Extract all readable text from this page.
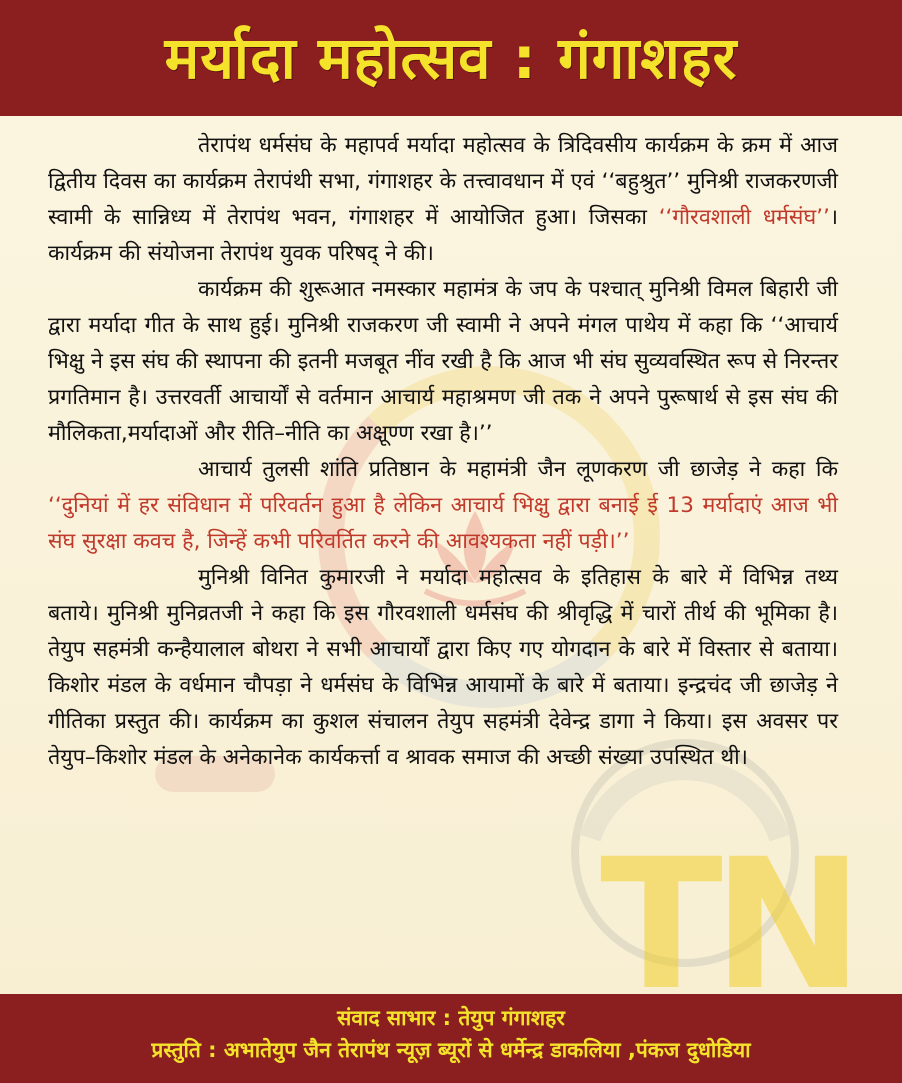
मर्यादा महोत्सव : गंगाशहर
TN

तेरापंथ धर्मसंघ के महापर्व मर्यादा महोत्सव के त्रिदिवसीय कार्यक्रम के क्रम में आज द्वितीय दिवस का कार्यक्रम तेरापंथी सभा, गंगाशहर के तत्त्वावधान में एवं ‘‘बहुश्रुत’’ मुनिश्री राजकरणजी स्वामी के सान्निध्य में तेरापंथ भवन, गंगाशहर में आयोजित हुआ। जिसका ‘‘गौरवशाली धर्मसंघ’’। कार्यक्रम की संयोजना तेरापंथ युवक परिषद् ने की।

कार्यक्रम की शुरूआत नमस्कार महामंत्र के जप के पश्चात् मुनिश्री विमल बिहारी जी द्वारा मर्यादा गीत के साथ हुई। मुनिश्री राजकरण जी स्वामी ने अपने मंगल पाथेय में कहा कि ‘‘आचार्य भिक्षु ने इस संघ की स्थापना की इतनी मजबूत नींव रखी है कि आज भी संघ सुव्यवस्थित रूप से निरन्तर प्रगतिमान है। उत्तरवर्ती आचार्यों से वर्तमान आचार्य महाश्रमण जी तक ने अपने पुरूषार्थ से इस संघ की मौलिकता,मर्यादाओं और रीति–नीति का अक्षूण्ण रखा है।’’

आचार्य तुलसी शांति प्रतिष्ठान के महामंत्री जैन लूणकरण जी छाजेड़ ने कहा कि ‘‘दुनियां में हर संविधान में परिवर्तन हुआ है लेकिन आचार्य भिक्षु द्वारा बनाई ई 13 मर्यादाएं आज भी संघ सुरक्षा कवच है, जिन्हें कभी परिवर्तित करने की आवश्यकता नहीं पड़ी।’’

मुनिश्री विनित कुमारजी ने मर्यादा महोत्सव के इतिहास के बारे में विभिन्न तथ्य बताये। मुनिश्री मुनिव्रतजी ने कहा कि इस गौरवशाली धर्मसंघ की श्रीवृद्धि में चारों तीर्थ की भूमिका है। तेयुप सहमंत्री कन्हैयालाल बोथरा ने सभी आचार्यों द्वारा किए गए योगदान के बारे में विस्तार से बताया। किशोर मंडल के वर्धमान चौपड़ा ने धर्मसंघ के विभिन्न आयामों के बारे में बताया। इन्द्रचंद जी छाजेड़ ने गीतिका प्रस्तुत की। कार्यक्रम का कुशल संचालन तेयुप सहमंत्री देवेन्द्र डागा ने किया। इस अवसर पर तेयुप–किशोर मंडल के अनेकानेक कार्यकर्त्ता व श्रावक समाज की अच्छी संख्या उपस्थित थी।

संवाद साभार : तेयुप गंगाशहर
प्रस्तुति : अभातेयुप जैन तेरापंथ न्यूज़ ब्यूरों से धर्मेन्द्र डाकलिया ,पंकज दुधोडिया
